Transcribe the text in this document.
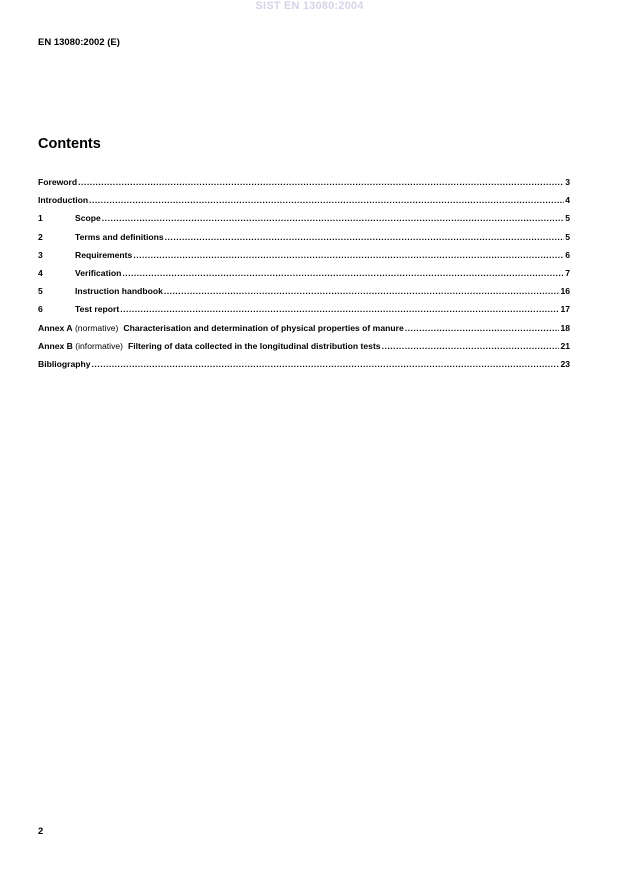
SIST EN 13080:2004
EN 13080:2002 (E)
Contents
Foreword .....	3
Introduction .....	4
1	Scope .....	5
2	Terms and definitions .....	5
3	Requirements .....	6
4	Verification .....	7
5	Instruction handbook .....	16
6	Test report .....	17
Annex A (normative) Characterisation and determination of physical properties of manure .....	18
Annex B (informative) Filtering of data collected in the longitudinal distribution tests .....	21
Bibliography .....	23
2
